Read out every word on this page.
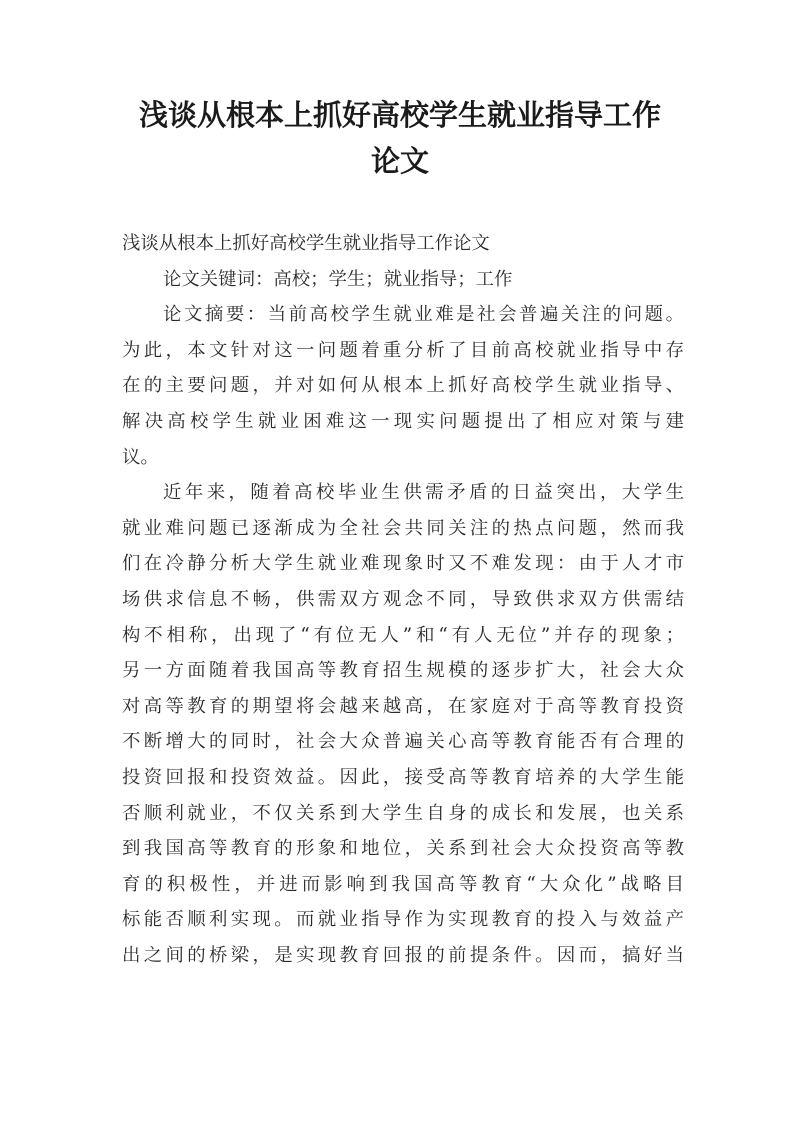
浅谈从根本上抓好高校学生就业指导工作
论文
浅谈从根本上抓好高校学生就业指导工作论文
论文关键词：高校；学生；就业指导；工作
论文摘要：当前高校学生就业难是社会普遍关注的问题。
为此，本文针对这一问题着重分析了目前高校就业指导中存
在的主要问题，并对如何从根本上抓好高校学生就业指导、
解决高校学生就业困难这一现实问题提出了相应对策与建
议。
近年来，随着高校毕业生供需矛盾的日益突出，大学生
就业难问题已逐渐成为全社会共同关注的热点问题，然而我
们在冷静分析大学生就业难现象时又不难发现：由于人才市
场供求信息不畅，供需双方观念不同，导致供求双方供需结
构不相称，出现了“有位无人”和“有人无位”并存的现象；
另一方面随着我国高等教育招生规模的逐步扩大，社会大众
对高等教育的期望将会越来越高，在家庭对于高等教育投资
不断增大的同时，社会大众普遍关心高等教育能否有合理的
投资回报和投资效益。因此，接受高等教育培养的大学生能
否顺利就业，不仅关系到大学生自身的成长和发展，也关系
到我国高等教育的形象和地位，关系到社会大众投资高等教
育的积极性，并进而影响到我国高等教育“大众化”战略目
标能否顺利实现。而就业指导作为实现教育的投入与效益产
出之间的桥梁，是实现教育回报的前提条件。因而，搞好当
